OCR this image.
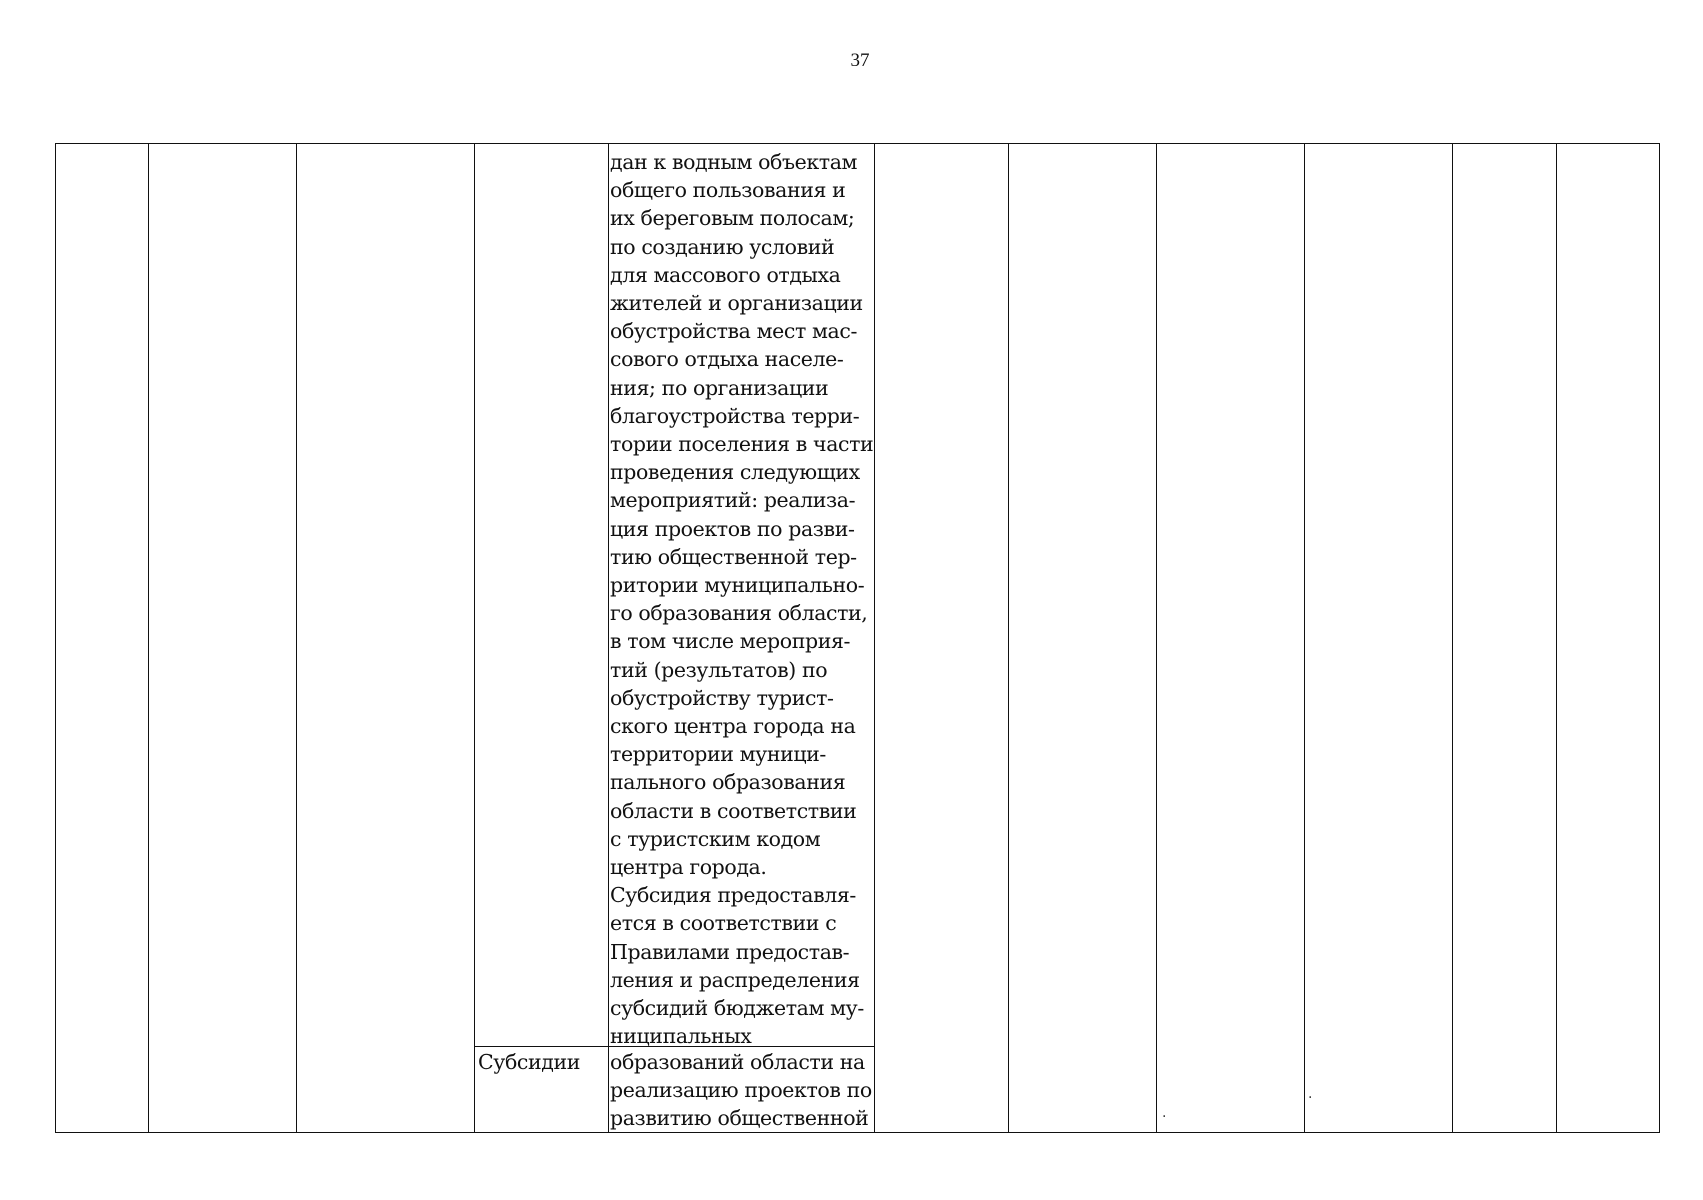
37
дан к водным объектам
общего пользования и
их береговым полосам;
по созданию условий
для массового отдыха
жителей и организации
обустройства мест мас-
сового отдыха населе-
ния; по организации
благоустройства терри-
тории поселения в части
проведения следующих
мероприятий: реализа-
ция проектов по разви-
тию общественной тер-
ритории муниципально-
го образования области,
в том числе мероприя-
тий (результатов) по
обустройству турист-
ского центра города на
территории муници-
пального образования
области в соответствии
с туристским кодом
центра города.
Субсидия предоставля-
ется в соответствии с
Правилами предостав-
ления и распределения
субсидий бюджетам му-
ниципальных
Субсидии	образований области на
реализацию проектов по
развитию общественной	·
·
